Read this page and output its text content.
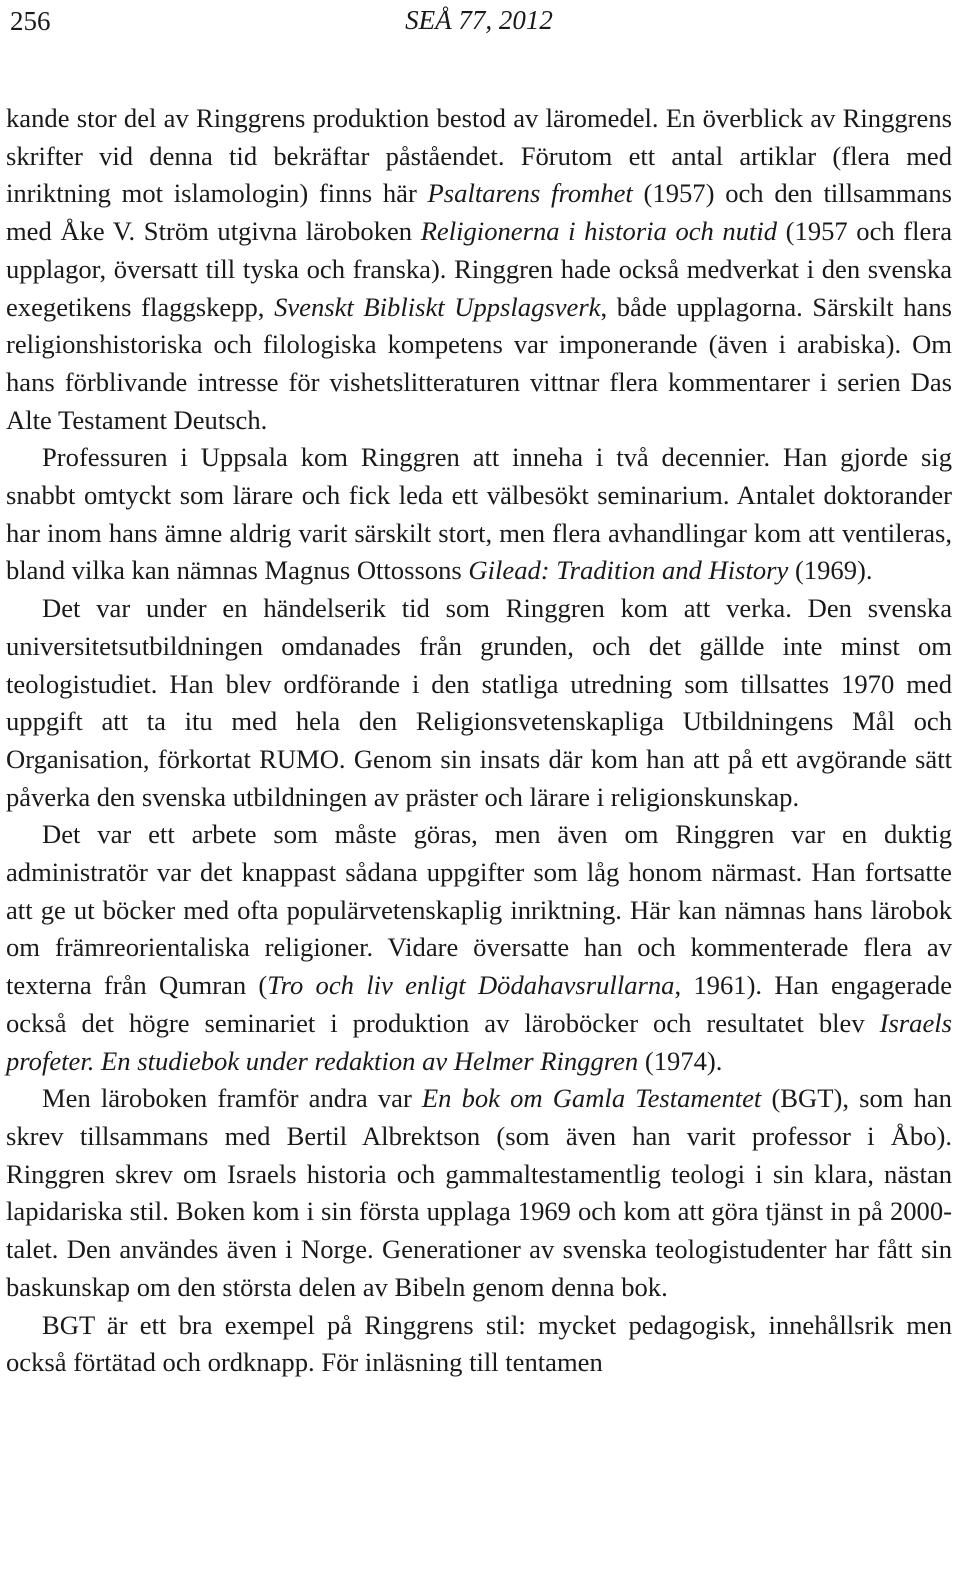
256	SEÅ 77, 2012

kande stor del av Ringgrens produktion bestod av läromedel. En överblick av Ringgrens skrifter vid denna tid bekräftar påståendet. Förutom ett antal artiklar (flera med inriktning mot islamologin) finns här Psaltarens fromhet (1957) och den tillsammans med Åke V. Ström utgivna läroboken Religionerna i historia och nutid (1957 och flera upplagor, översatt till tyska och franska). Ringgren hade också medverkat i den svenska exegetikens flaggskepp, Svenskt Bibliskt Uppslagsverk, både upplagorna. Särskilt hans religionshistoriska och filologiska kompetens var imponerande (även i arabiska). Om hans förblivande intresse för vishetslitteraturen vittnar flera kommentarer i serien Das Alte Testament Deutsch.

Professuren i Uppsala kom Ringgren att inneha i två decennier. Han gjorde sig snabbt omtyckt som lärare och fick leda ett välbesökt seminarium. Antalet doktorander har inom hans ämne aldrig varit särskilt stort, men flera avhandlingar kom att ventileras, bland vilka kan nämnas Magnus Ottossons Gilead: Tradition and History (1969).

Det var under en händelserik tid som Ringgren kom att verka. Den svenska universitetsutbildningen omdanades från grunden, och det gällde inte minst om teologistudiet. Han blev ordförande i den statliga utredning som tillsattes 1970 med uppgift att ta itu med hela den Religionsvetenskapliga Utbildningens Mål och Organisation, förkortat RUMO. Genom sin insats där kom han att på ett avgörande sätt påverka den svenska utbildningen av präster och lärare i religionskunskap.

Det var ett arbete som måste göras, men även om Ringgren var en duktig administratör var det knappast sådana uppgifter som låg honom närmast. Han fortsatte att ge ut böcker med ofta populärvetenskaplig inriktning. Här kan nämnas hans lärobok om främreorientaliska religioner. Vidare översatte han och kommenterade flera av texterna från Qumran (Tro och liv enligt Dödahavsrullarna, 1961). Han engagerade också det högre seminariet i produktion av läroböcker och resultatet blev Israels profeter. En studiebok under redaktion av Helmer Ringgren (1974).

Men läroboken framför andra var En bok om Gamla Testamentet (BGT), som han skrev tillsammans med Bertil Albrektson (som även han varit professor i Åbo). Ringgren skrev om Israels historia och gammaltestamentlig teologi i sin klara, nästan lapidariska stil. Boken kom i sin första upplaga 1969 och kom att göra tjänst in på 2000-talet. Den användes även i Norge. Generationer av svenska teologistudenter har fått sin baskunskap om den största delen av Bibeln genom denna bok.

BGT är ett bra exempel på Ringgrens stil: mycket pedagogisk, innehållsrik men också förtätad och ordknapp. För inläsning till tentamen
